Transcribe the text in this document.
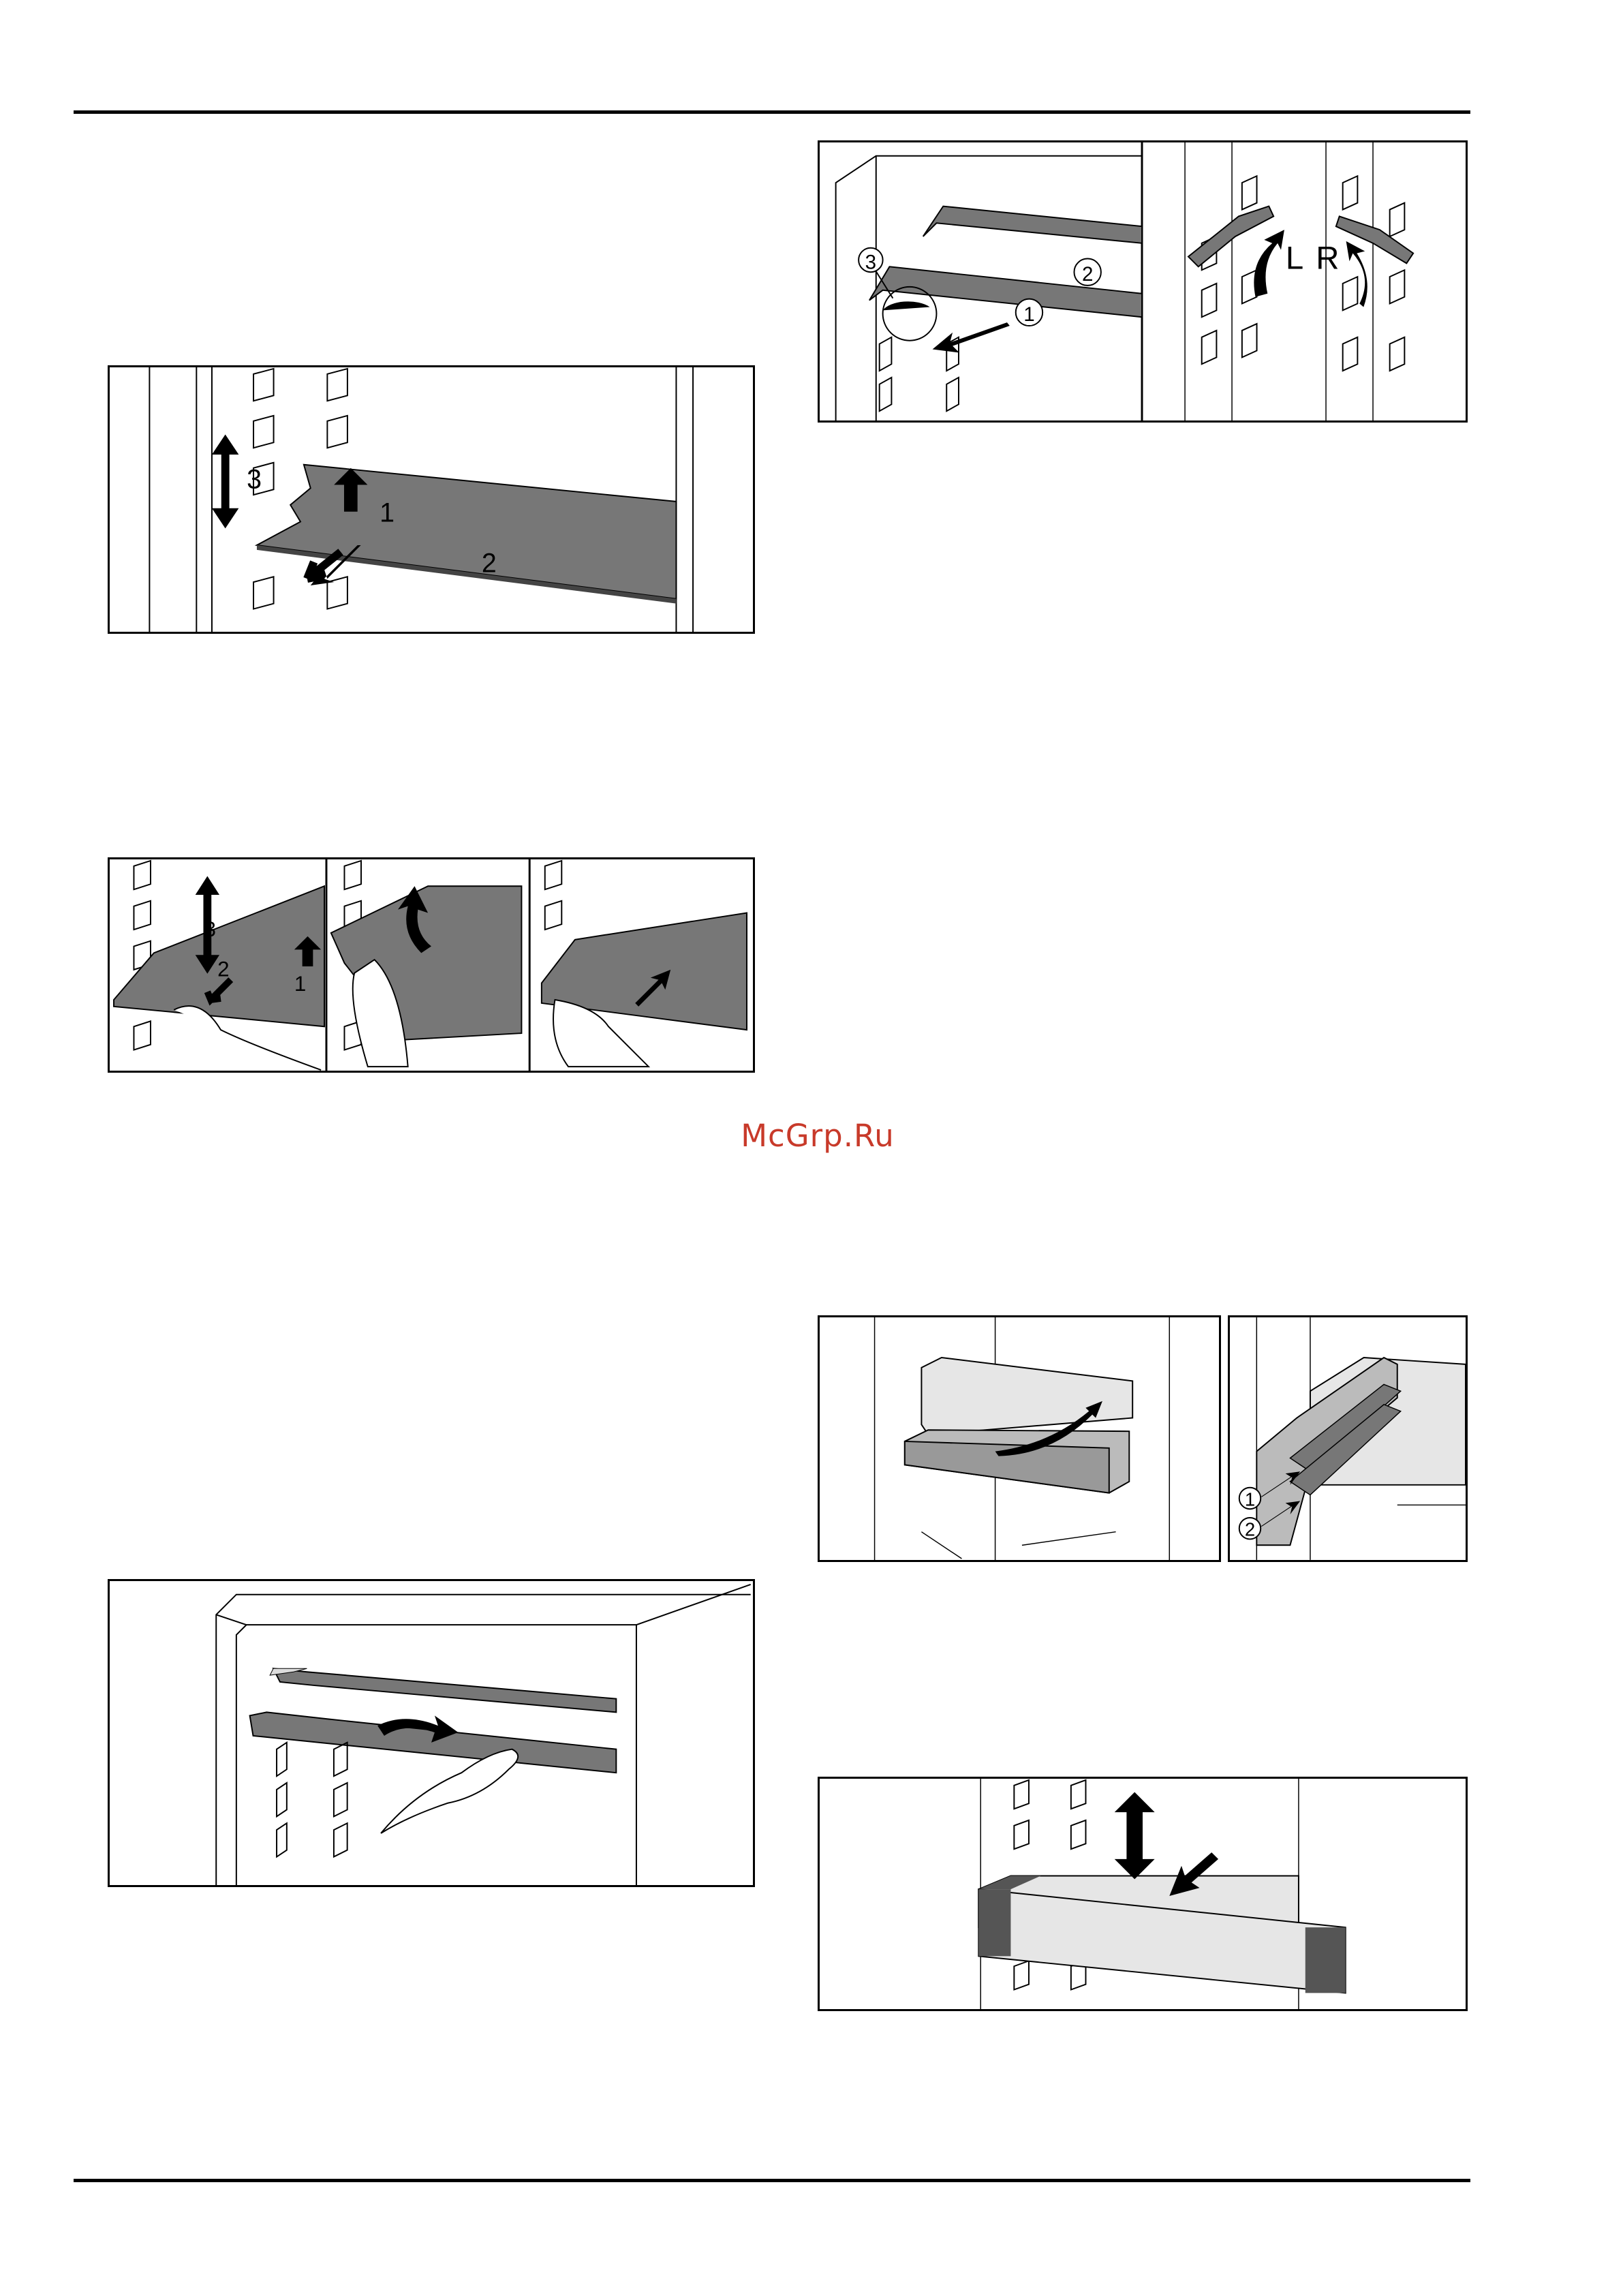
3
1
2
3
2
1
3
2
1
L R
1
2
McGrp.Ru
